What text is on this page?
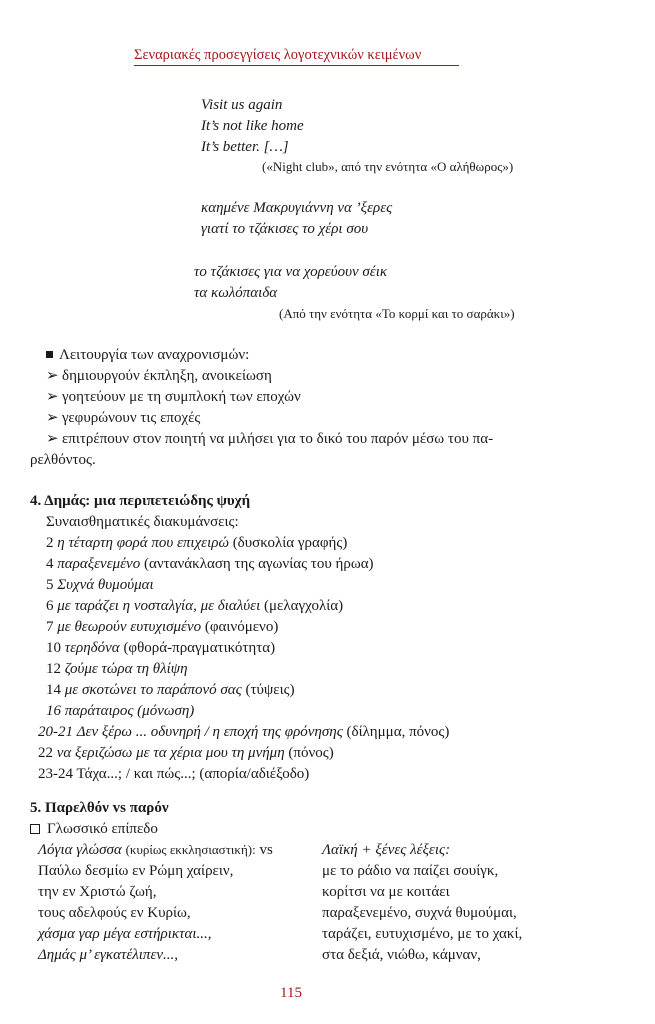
Σεναριακές προσεγγίσεις λογοτεχνικών κειμένων
Visit us again
It’s not like home
It’s better. […]
(«Night club», από την ενότητα «Ο αλήθωρος»)
καημένε Μακρυγιάννη να ’ξερες
γιατί το τζάκισες το χέρι σου
το τζάκισες για να χορεύουν σέικ
τα κωλόπαιδα
(Από την ενότητα «Το κορμί και το σαράκι»)
Λειτουργία των αναχρονισμών:
➢ δημιουργούν έκπληξη, ανοικείωση
➢ γοητεύουν με τη συμπλοκή των εποχών
➢ γεφυρώνουν τις εποχές
➢ επιτρέπουν στον ποιητή να μιλήσει για το δικό του παρόν μέσω του πα-
ρελθόντος.
4. Δημάς: μια περιπετειώδης ψυχή
Συναισθηματικές διακυμάνσεις:
2 η τέταρτη φορά που επιχειρώ (δυσκολία γραφής)
4 παραξενεμένο (αντανάκλαση της αγωνίας του ήρωα)
5 Συχνά θυμούμαι
6 με ταράζει η νοσταλγία, με διαλύει (μελαγχολία)
7 με θεωρούν ευτυχισμένο (φαινόμενο)
10 τερηδόνα (φθορά-πραγματικότητα)
12 ζούμε τώρα τη θλίψη
14 με σκοτώνει το παράπονό σας (τύψεις)
16 παράταιρος (μόνωση)
20-21 Δεν ξέρω ... οδυνηρή / η εποχή της φρόνησης (δίλημμα, πόνος)
22 να ξεριζώσω με τα χέρια μου τη μνήμη (πόνος)
23-24 Τάχα...; / και πώς...; (απορία/αδιέξοδο)
5. Παρελθόν vs παρόν
Γλωσσικό επίπεδο
Λόγια γλώσσα (κυρίως εκκλησιαστική): vs	Λαϊκή + ξένες λέξεις:
Παύλω δεσμίω εν Ρώμη χαίρειν,
την εν Χριστώ ζωή,
τους αδελφούς εν Κυρίω,
χάσμα γαρ μέγα εστήρικται...,
Δημάς μ’ εγκατέλιπεν...,
με το ράδιο να παίζει σουίγκ,
κορίτσι να με κοιτάει
παραξενεμένο, συχνά θυμούμαι,
ταράζει, ευτυχισμένο, με το χακί,
στα δεξιά, νιώθω, κάμναν,
115
